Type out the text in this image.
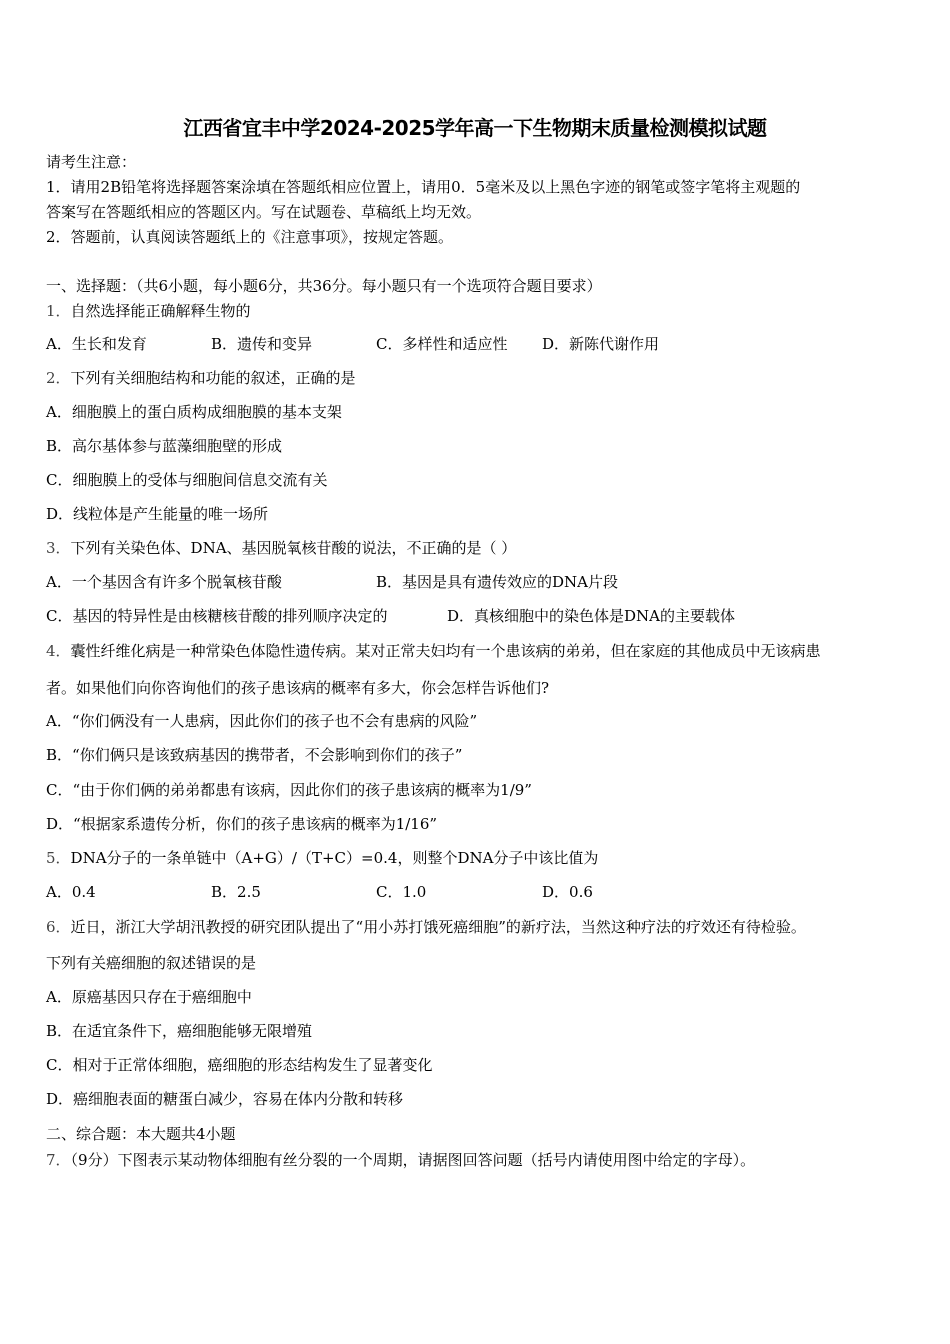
江西省宜丰中学2024-2025学年高一下生物期末质量检测模拟试题
请考生注意：
1．请用2B铅笔将选择题答案涂填在答题纸相应位置上，请用0．5毫米及以上黑色字迹的钢笔或签字笔将主观题的
答案写在答题纸相应的答题区内。写在试题卷、草稿纸上均无效。
2．答题前，认真阅读答题纸上的《注意事项》，按规定答题。
一、选择题：（共6小题，每小题6分，共36分。每小题只有一个选项符合题目要求）
1．自然选择能正确解释生物的
A．生长和发育	B．遗传和变异	C．多样性和适应性 D．新陈代谢作用
2．下列有关细胞结构和功能的叙述，正确的是
A．细胞膜上的蛋白质构成细胞膜的基本支架
B．高尔基体参与蓝藻细胞壁的形成
C．细胞膜上的受体与细胞间信息交流有关
D．线粒体是产生能量的唯一场所
3．下列有关染色体、DNA、基因脱氧核苷酸的说法，不正确的是（ ）
A．一个基因含有许多个脱氧核苷酸	B．基因是具有遗传效应的DNA片段
C．基因的特异性是由核糖核苷酸的排列顺序决定的	D．真核细胞中的染色体是DNA的主要载体
4．囊性纤维化病是一种常染色体隐性遗传病。某对正常夫妇均有一个患该病的弟弟，但在家庭的其他成员中无该病患
者。如果他们向你咨询他们的孩子患该病的概率有多大，你会怎样告诉他们?
A．“你们俩没有一人患病，因此你们的孩子也不会有患病的风险”
B．“你们俩只是该致病基因的携带者，不会影响到你们的孩子”
C．“由于你们俩的弟弟都患有该病，因此你们的孩子患该病的概率为1/9”
D．“根据家系遗传分析，你们的孩子患该病的概率为1/16”
5．DNA分子的一条单链中（A+G）/（T+C）=0.4，则整个DNA分子中该比值为
A．0.4	B．2.5	C．1.0	D．0.6
6．近日，浙江大学胡汛教授的研究团队提出了“用小苏打饿死癌细胞”的新疗法，当然这种疗法的疗效还有待检验。
下列有关癌细胞的叙述错误的是
A．原癌基因只存在于癌细胞中
B．在适宜条件下，癌细胞能够无限增殖
C．相对于正常体细胞，癌细胞的形态结构发生了显著变化
D．癌细胞表面的糖蛋白减少，容易在体内分散和转移
二、综合题：本大题共4小题
7．（9分）下图表示某动物体细胞有丝分裂的一个周期，请据图回答问题（括号内请使用图中给定的字母）。
